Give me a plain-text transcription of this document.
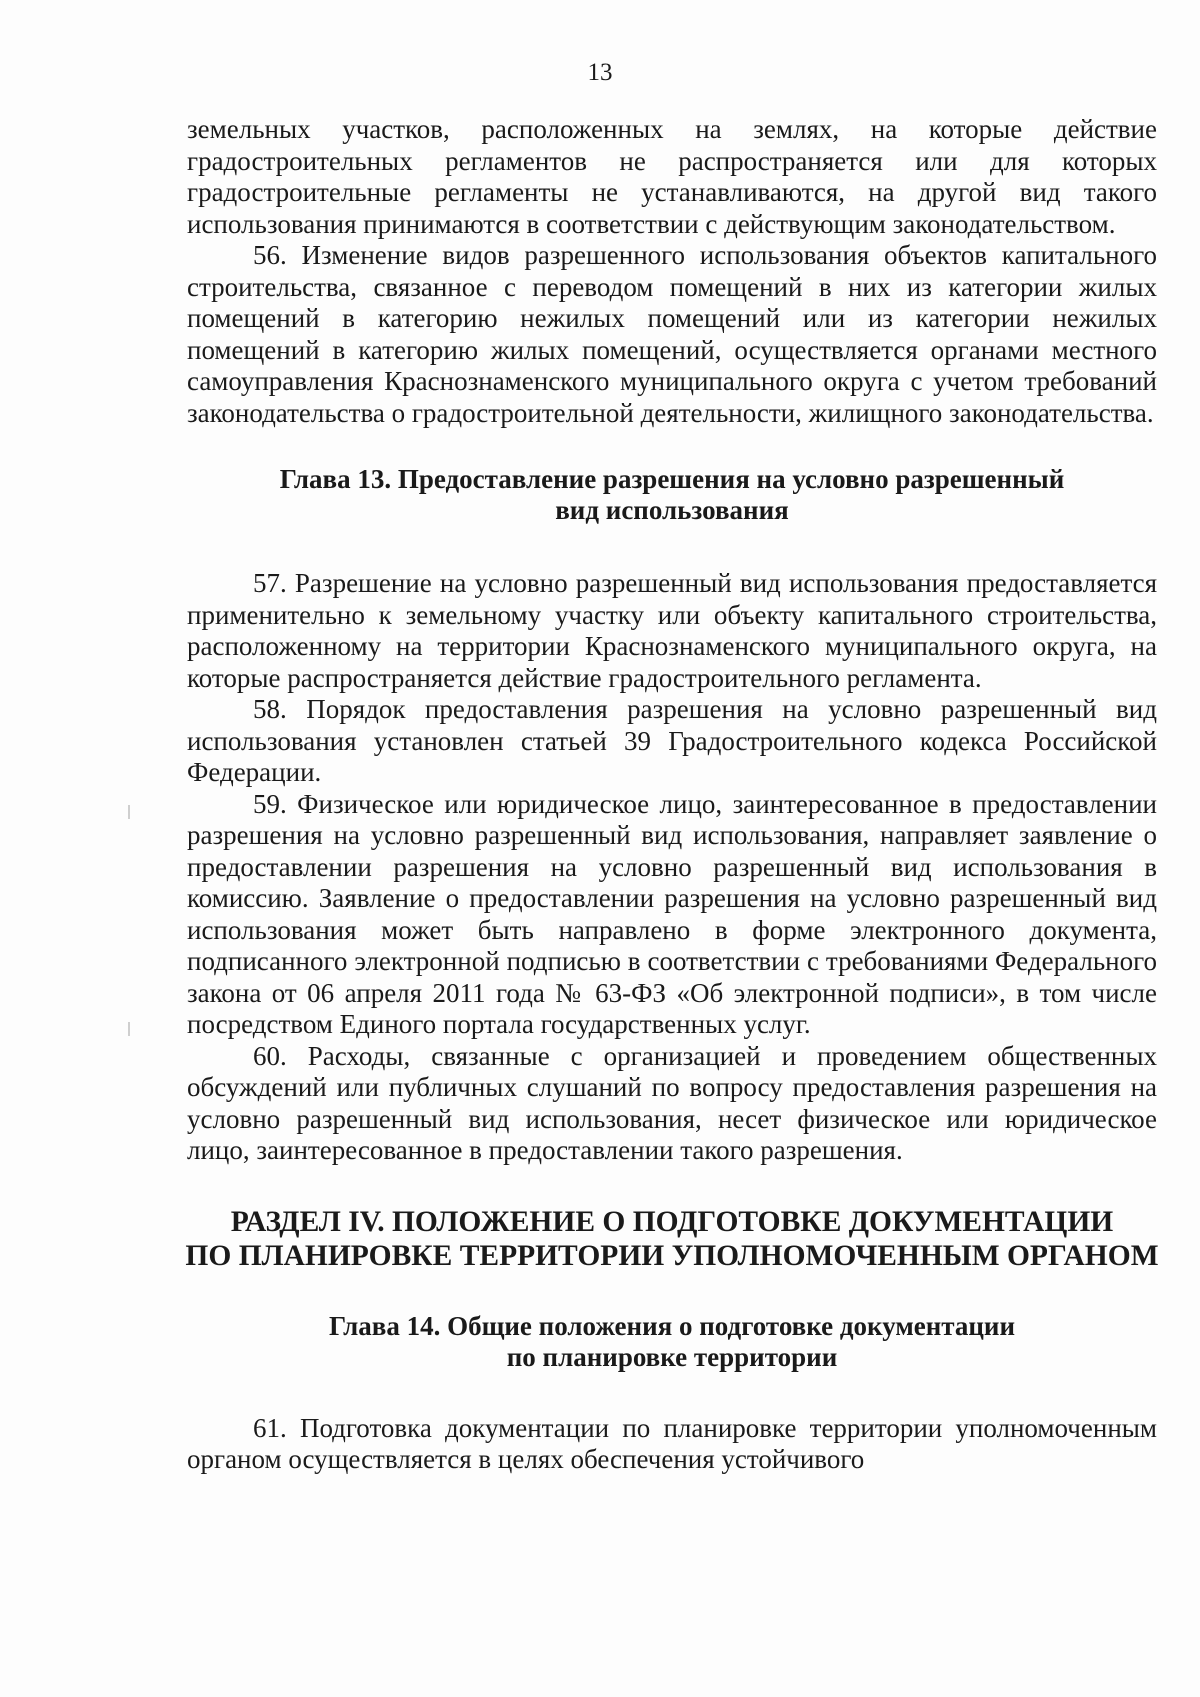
13

земельных участков, расположенных на землях, на которые действие градостроительных регламентов не распространяется или для которых градостроительные регламенты не устанавливаются, на другой вид такого использования принимаются в соответствии с действующим законодательством.

56. Изменение видов разрешенного использования объектов капитального строительства, связанное с переводом помещений в них из категории жилых помещений в категорию нежилых помещений или из категории нежилых помещений в категорию жилых помещений, осуществляется органами местного самоуправления Краснознаменского муниципального округа с учетом требований законодательства о градостроительной деятельности, жилищного законодательства.

Глава 13. Предоставление разрешения на условно разрешенный

вид использования

57. Разрешение на условно разрешенный вид использования предоставляется применительно к земельному участку или объекту капитального строительства, расположенному на территории Краснознаменского муниципального округа, на которые распространяется действие градостроительного регламента.

58. Порядок предоставления разрешения на условно разрешенный вид использования установлен статьей 39 Градостроительного кодекса Российской Федерации.

59. Физическое или юридическое лицо, заинтересованное в предоставлении разрешения на условно разрешенный вид использования, направляет заявление о предоставлении разрешения на условно разрешенный вид использования в комиссию. Заявление о предоставлении разрешения на условно разрешенный вид использования может быть направлено в форме электронного документа, подписанного электронной подписью в соответствии с требованиями Федерального закона от 06 апреля 2011 года № 63-ФЗ «Об электронной подписи», в том числе посредством Единого портала государственных услуг.

60. Расходы, связанные с организацией и проведением общественных обсуждений или публичных слушаний по вопросу предоставления разрешения на условно разрешенный вид использования, несет физическое или юридическое лицо, заинтересованное в предоставлении такого разрешения.

РАЗДЕЛ IV. ПОЛОЖЕНИЕ О ПОДГОТОВКЕ ДОКУМЕНТАЦИИ

ПО ПЛАНИРОВКЕ ТЕРРИТОРИИ УПОЛНОМОЧЕННЫМ ОРГАНОМ

Глава 14. Общие положения о подготовке документации

по планировке территории

61. Подготовка документации по планировке территории уполномоченным органом осуществляется в целях обеспечения устойчивого
